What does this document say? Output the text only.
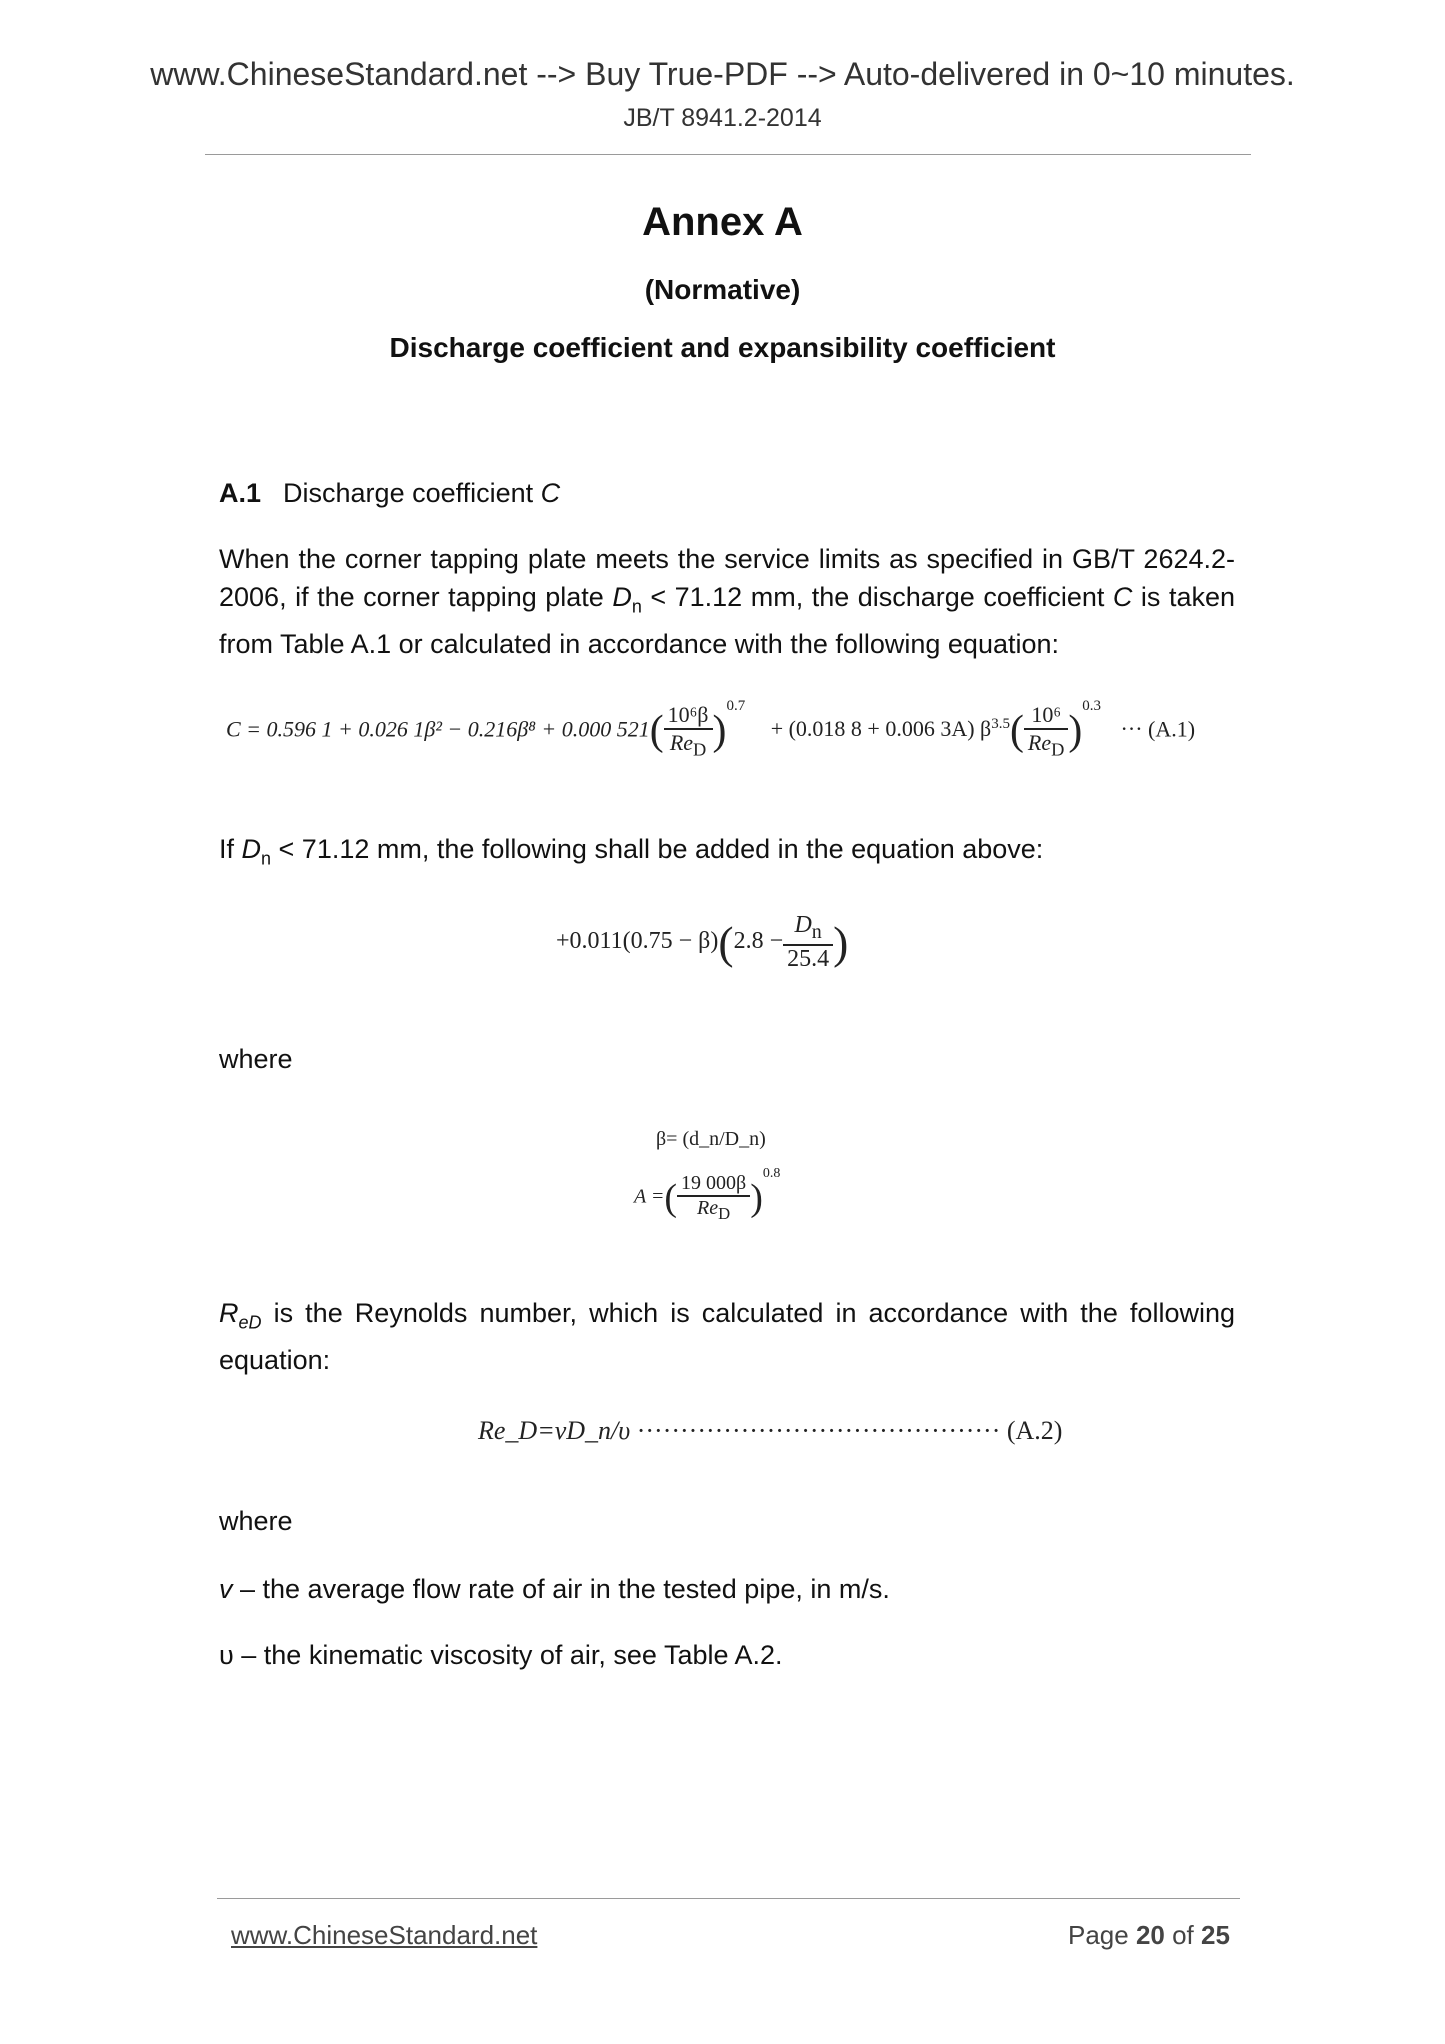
www.ChineseStandard.net --> Buy True-PDF --> Auto-delivered in 0~10 minutes.
JB/T 8941.2-2014
Annex A
(Normative)
Discharge coefficient and expansibility coefficient
A.1 Discharge coefficient C
When the corner tapping plate meets the service limits as specified in GB/T 2624.2-2006, if the corner tapping plate $D_n < 71.12$ mm, the discharge coefficient C is taken from Table A.1 or calculated in accordance with the following equation:
C = 0.596 1 + 0.026 1β² − 0.216β⁸ + 0.000 $521( \frac{\text{10⁶β}}{Re_D} )^{0.7} + (0.018$ 8 + 0.006 3A) $\beta^{3.5}( \frac{\text{10⁶}}{Re_D} )^{0.3}$ ··· (A.1)
If $D_n < 71.12$ mm, the following shall be added in the equation above:
$+0.011(0.75 - \beta)(2.8 - \frac{D_n}{25.4}$ )
where
β= (d_n/D_n)
A =( $\frac{19 000\beta}{Re_D} )^{0.8}$
$R_{eD}$ is the Reynolds number, which is calculated in accordance with the following equation:
Re_D=vD_n/υ ·········································· (A.2)
where
v – the average flow rate of air in the tested pipe, in m/s.
υ – the kinematic viscosity of air, see Table A.2.
www.ChineseStandard.net	Page 20 of 25
